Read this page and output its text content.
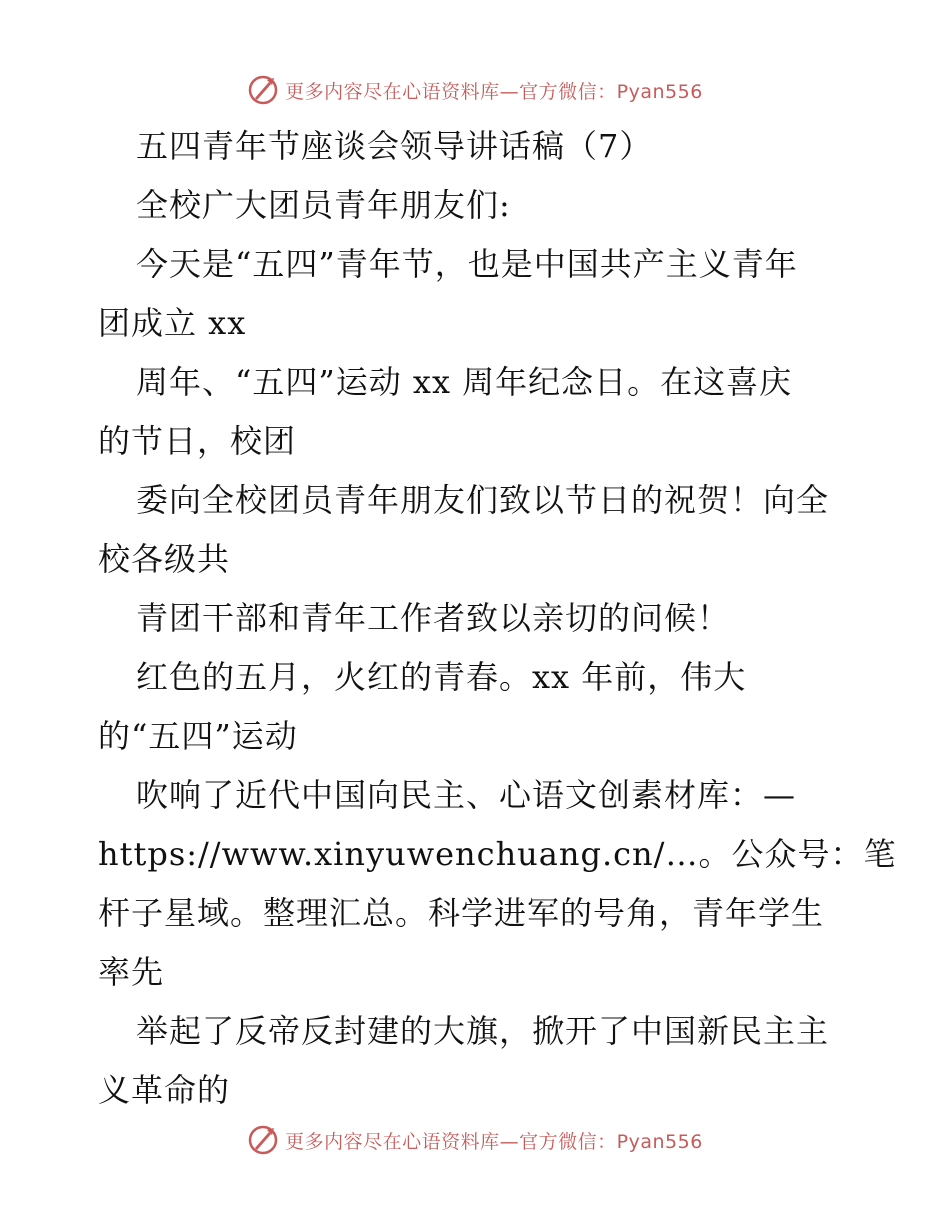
更多内容尽在心语资料库—官方微信：Pyan556
五四青年节座谈会领导讲话稿（7）
全校广大团员青年朋友们:
今天是“五四”青年节，也是中国共产主义青年
团成立 xx
周年、“五四”运动 xx 周年纪念日。在这喜庆
的节日，校团
委向全校团员青年朋友们致以节日的祝贺！向全
校各级共
青团干部和青年工作者致以亲切的问候！
红色的五月，火红的青春。xx 年前，伟大
的“五四”运动
吹响了近代中国向民主、心语文创素材库：—
https://www.xinyuwenchuang.cn/…。公众号：笔
杆子星域。整理汇总。科学进军的号角，青年学生
率先
举起了反帝反封建的大旗，掀开了中国新民主主
义革命的
更多内容尽在心语资料库—官方微信：Pyan556
